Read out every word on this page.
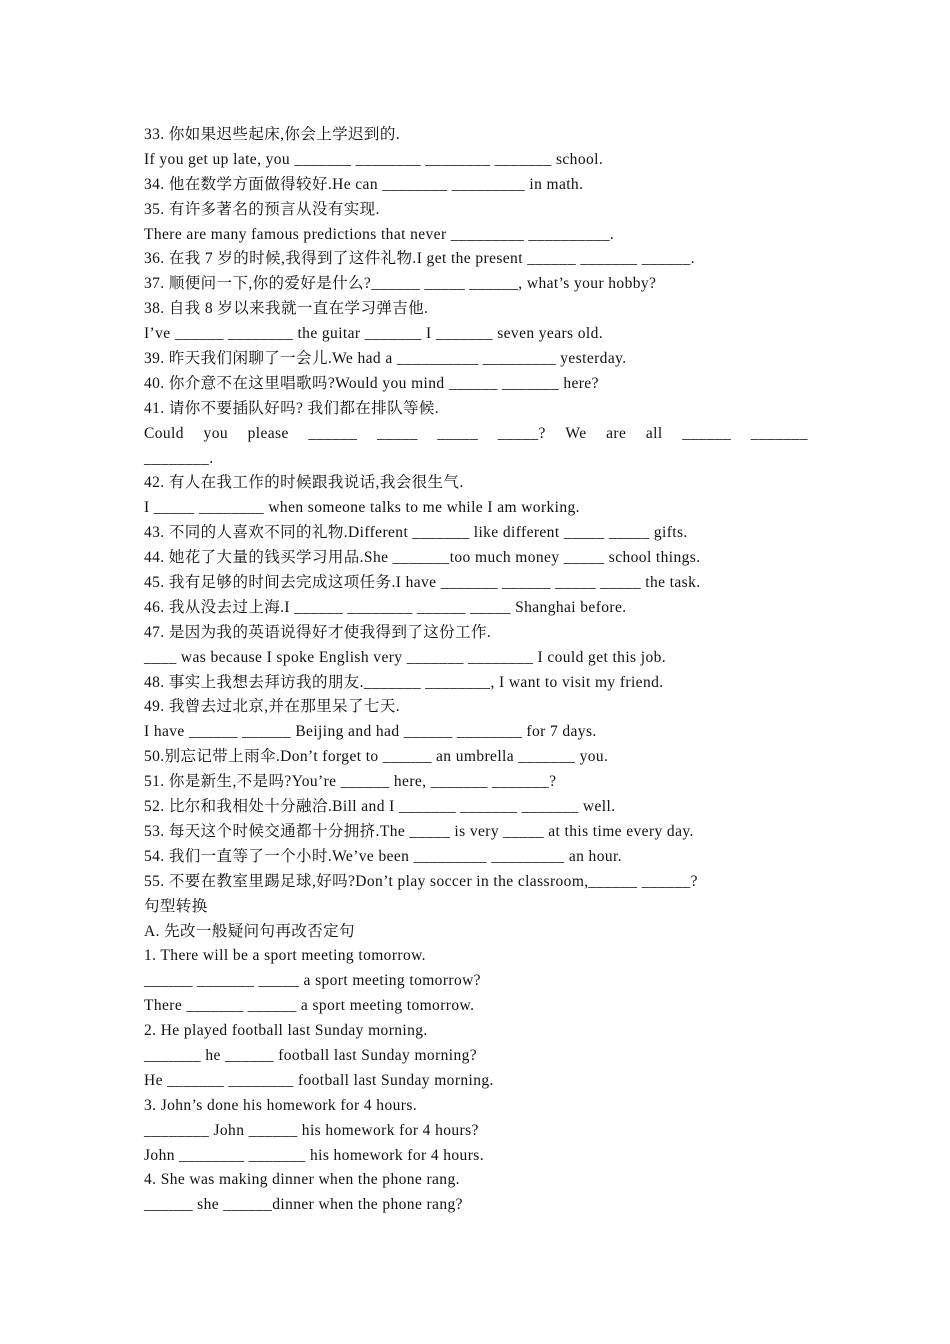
33. 你如果迟些起床,你会上学迟到的.
If you get up late, you _______ ________ ________ _______ school.
34. 他在数学方面做得较好.He can ________ _________ in math.
35. 有许多著名的预言从没有实现.
There are many famous predictions that never _________ __________.
36. 在我 7 岁的时候,我得到了这件礼物.I get the present ______ _______ ______.
37. 顺便问一下,你的爱好是什么?______ _____ ______, what’s your hobby?
38. 自我 8 岁以来我就一直在学习弹吉他.
I’ve ______ ________ the guitar _______ I _______ seven years old.
39. 昨天我们闲聊了一会儿.We had a __________ _________ yesterday.
40. 你介意不在这里唱歌吗?Would you mind ______ _______ here?
41. 请你不要插队好吗? 我们都在排队等候.
Could you please ______ _____ _____ _____? We are all ______ _______
________.
42. 有人在我工作的时候跟我说话,我会很生气.
I _____ ________ when someone talks to me while I am working.
43. 不同的人喜欢不同的礼物.Different _______ like different _____ _____ gifts.
44. 她花了大量的钱买学习用品.She _______too much money _____ school things.
45. 我有足够的时间去完成这项任务.I have _______ ______ _____ _____ the task.
46. 我从没去过上海.I ______ ________ ______ _____ Shanghai before.
47. 是因为我的英语说得好才使我得到了这份工作.
____ was because I spoke English very _______ ________ I could get this job.
48. 事实上我想去拜访我的朋友._______ ________, I want to visit my friend.
49. 我曾去过北京,并在那里呆了七天.
I have ______ ______ Beijing and had ______ ________ for 7 days.
50.别忘记带上雨伞.Don’t forget to ______ an umbrella _______ you.
51. 你是新生,不是吗?You’re ______ here, _______ _______?
52. 比尔和我相处十分融洽.Bill and I _______ _______ _______ well.
53. 每天这个时候交通都十分拥挤.The _____ is very _____ at this time every day.
54. 我们一直等了一个小时.We’ve been _________ _________ an hour.
55. 不要在教室里踢足球,好吗?Don’t play soccer in the classroom,______ ______?
句型转换
A. 先改一般疑问句再改否定句
1. There will be a sport meeting tomorrow.
______ _______ _____ a sport meeting tomorrow?
There _______ ______ a sport meeting tomorrow.
2. He played football last Sunday morning.
_______ he ______ football last Sunday morning?
He _______ ________ football last Sunday morning.
3. John’s done his homework for 4 hours.
________ John ______ his homework for 4 hours?
John ________ _______ his homework for 4 hours.
4. She was making dinner when the phone rang.
______ she ______dinner when the phone rang?
